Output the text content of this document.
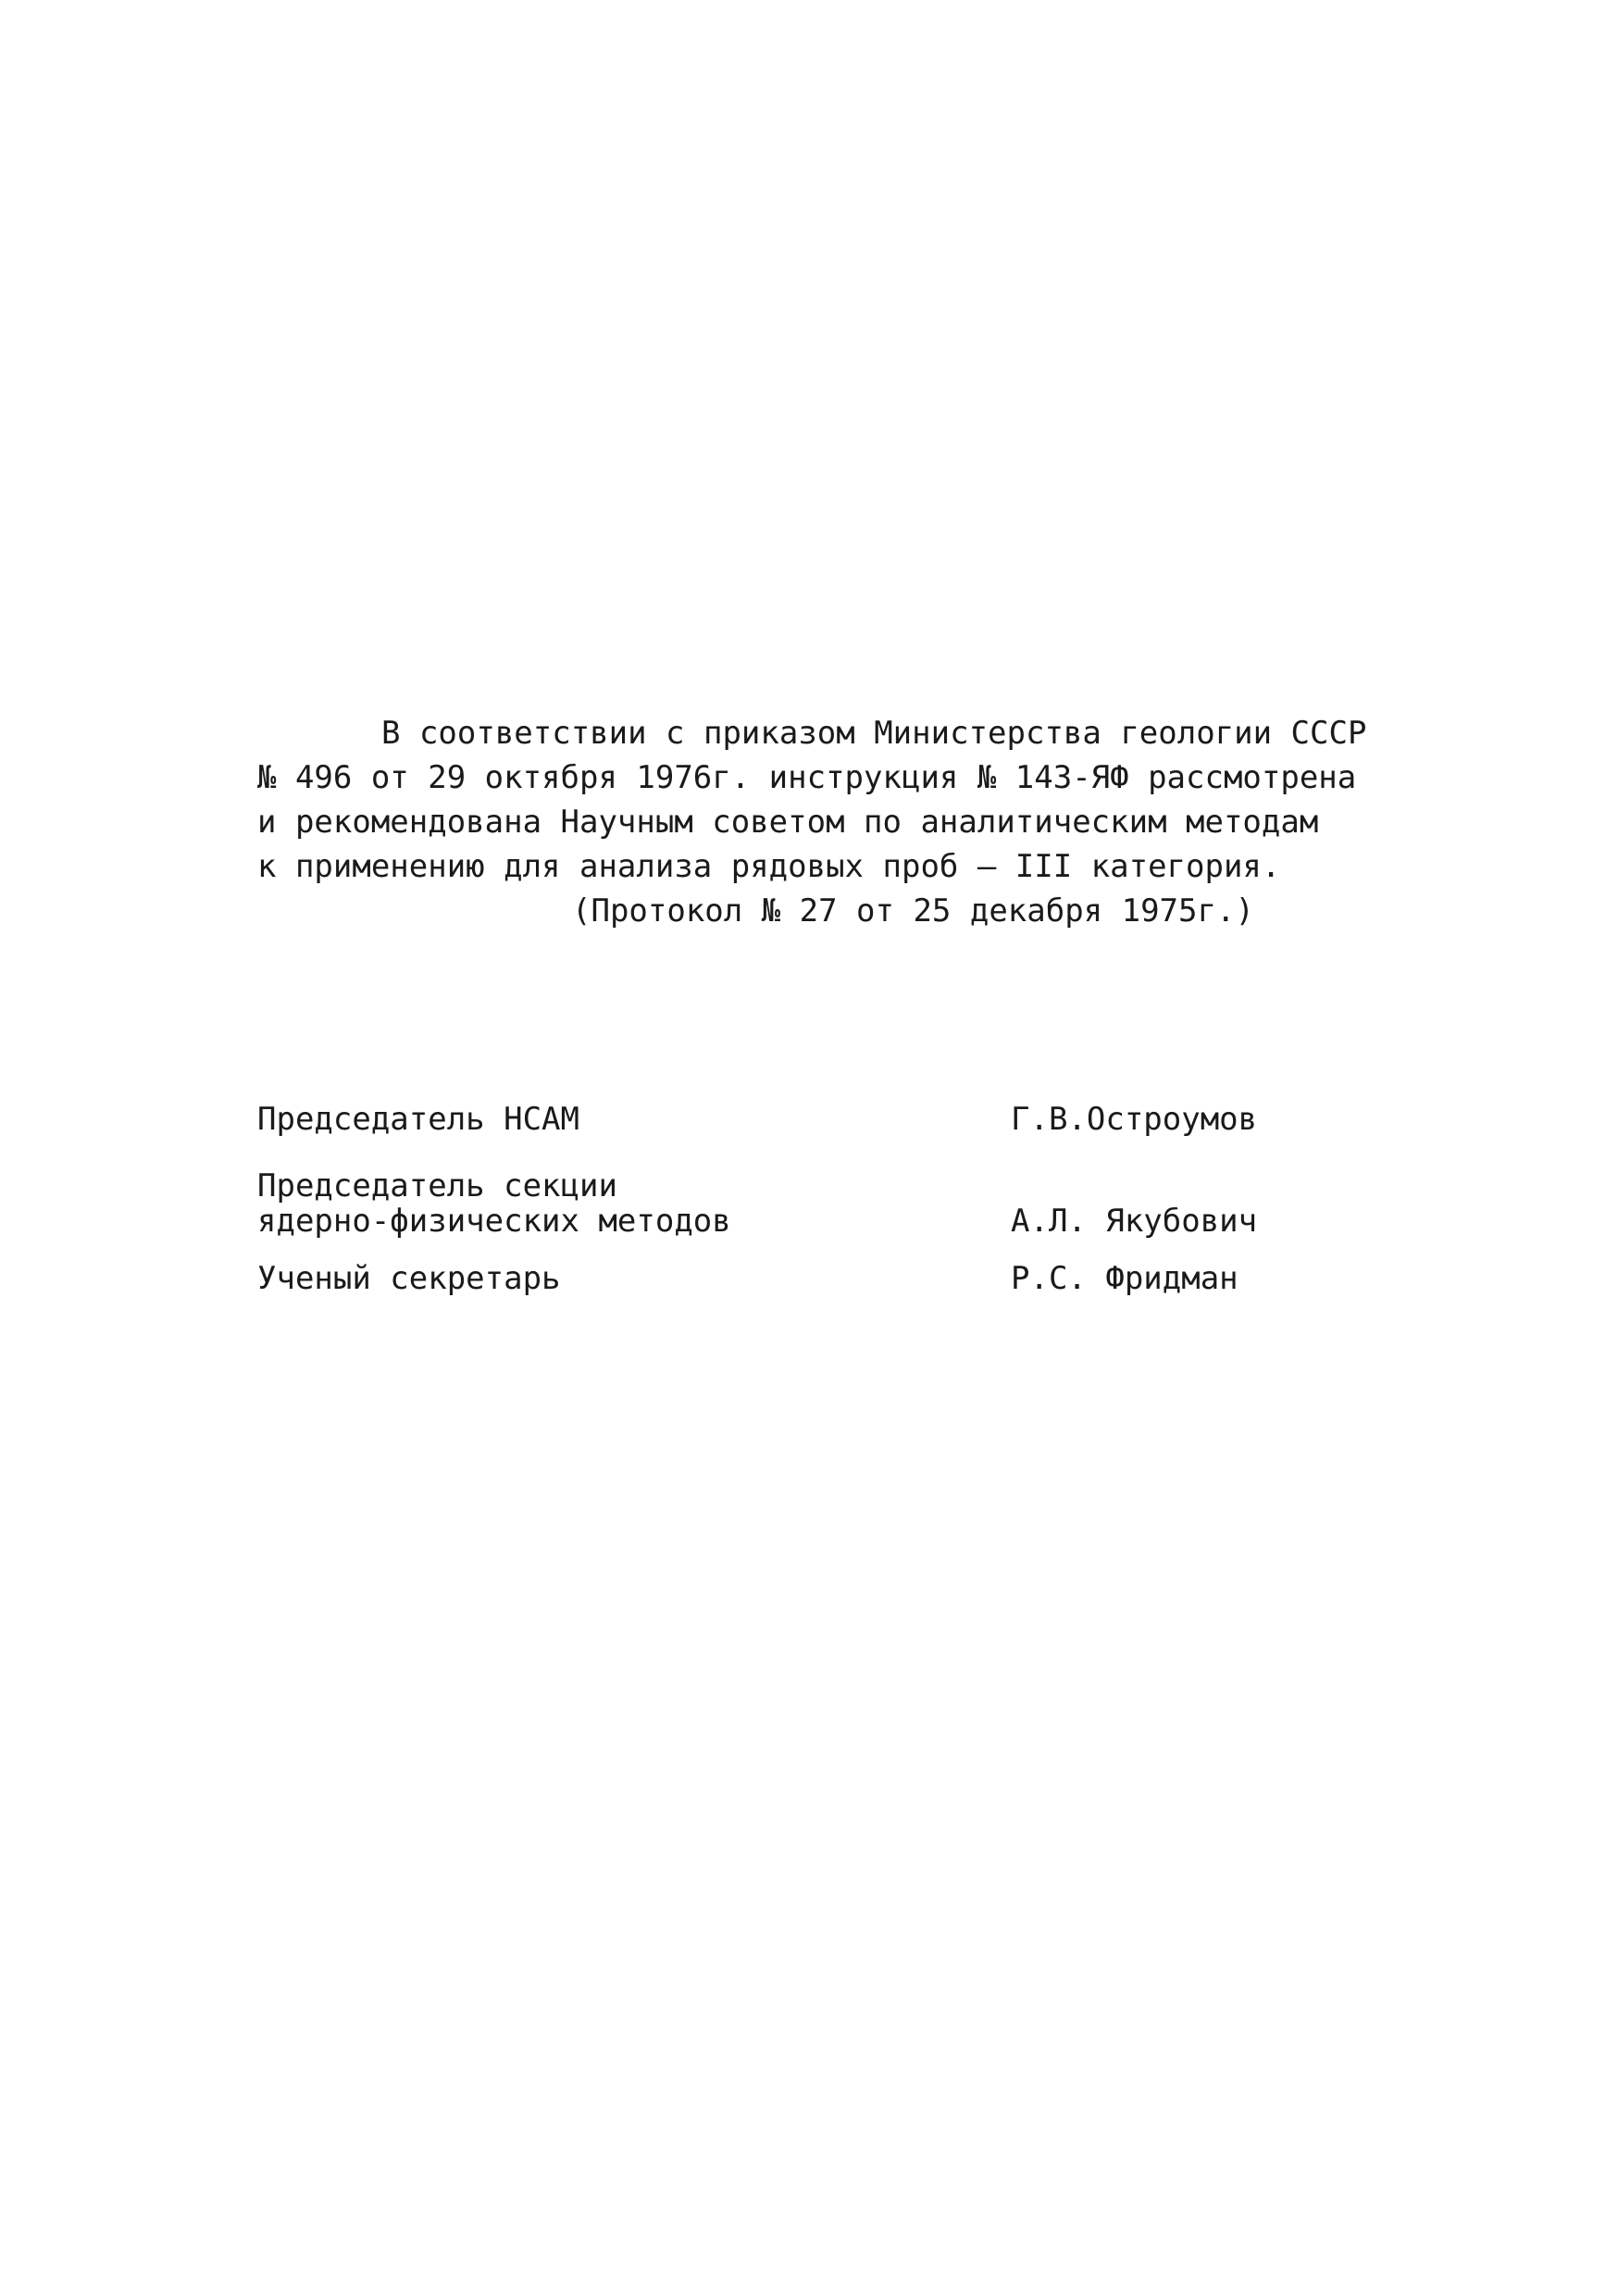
В соответствии с приказом Министерства геологии СССР
№ 496 от 29 октября 1976г. инструкция № 143-ЯФ рассмотрена
и рекомендована Научным советом по аналитическим методам
к применению для анализа рядовых проб – III категория.
(Протокол № 27 от 25 декабря 1975г.)
Председатель НСАМ	Г.В.Остроумов
Председатель секции
ядерно-физических методов	А.Л. Якубович
Ученый секретарь	Р.С. Фридман
